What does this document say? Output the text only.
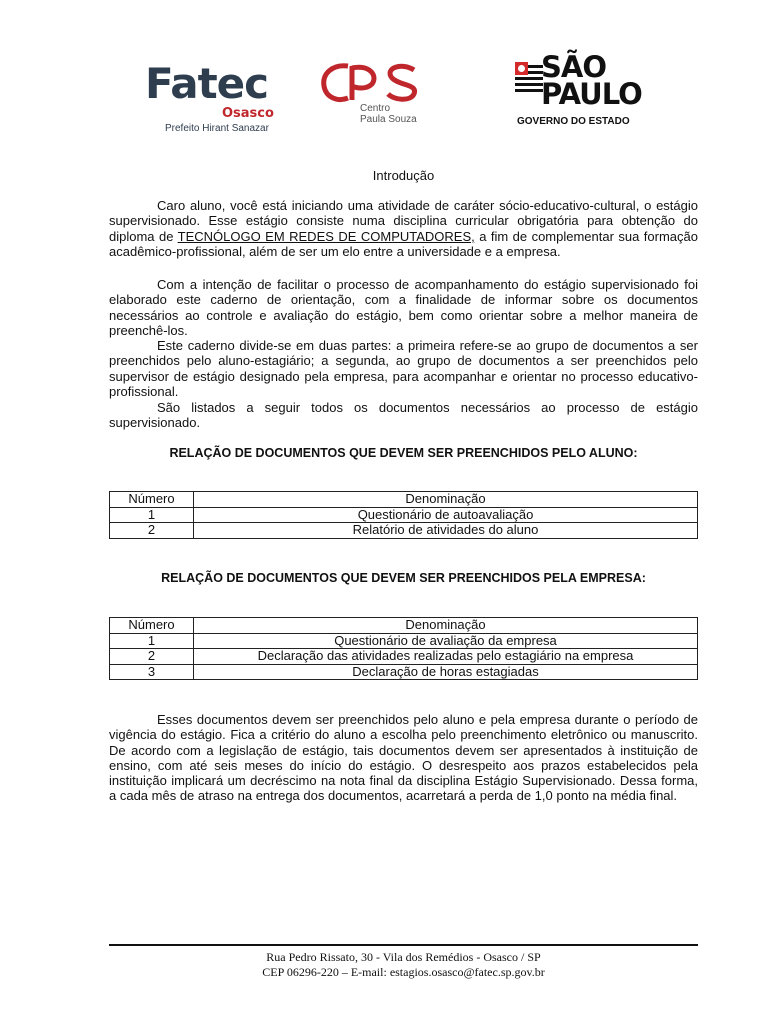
Fatec
Osasco
Prefeito Hirant Sanazar
Centro
Paula Souza
SÃO
PAULO
GOVERNO DO ESTADO
Introdução

Caro aluno, você está iniciando uma atividade de caráter sócio-educativo-cultural, o estágio supervisionado. Esse estágio consiste numa disciplina curricular obrigatória para obtenção do diploma de TECNÓLOGO EM REDES DE COMPUTADORES, a fim de complementar sua formação acadêmico-profissional, além de ser um elo entre a universidade e a empresa.

Com a intenção de facilitar o processo de acompanhamento do estágio supervisionado foi elaborado este caderno de orientação, com a finalidade de informar sobre os documentos necessários ao controle e avaliação do estágio, bem como orientar sobre a melhor maneira de preenchê-los.

Este caderno divide-se em duas partes: a primeira refere-se ao grupo de documentos a ser preenchidos pelo aluno-estagiário; a segunda, ao grupo de documentos a ser preenchidos pelo supervisor de estágio designado pela empresa, para acompanhar e orientar no processo educativo-profissional.

São listados a seguir todos os documentos necessários ao processo de estágio supervisionado.

RELAÇÃO DE DOCUMENTOS QUE DEVEM SER PREENCHIDOS PELO ALUNO:
Número	Denominação
1	Questionário de autoavaliação
2	Relatório de atividades do aluno
RELAÇÃO DE DOCUMENTOS QUE DEVEM SER PREENCHIDOS PELA EMPRESA:
Número	Denominação
1	Questionário de avaliação da empresa
2	Declaração das atividades realizadas pelo estagiário na empresa
3	Declaração de horas estagiadas

Esses documentos devem ser preenchidos pelo aluno e pela empresa durante o período de vigência do estágio. Fica a critério do aluno a escolha pelo preenchimento eletrônico ou manuscrito. De acordo com a legislação de estágio, tais documentos devem ser apresentados à instituição de ensino, com até seis meses do início do estágio. O desrespeito aos prazos estabelecidos pela instituição implicará um decréscimo na nota final da disciplina Estágio Supervisionado. Dessa forma, a cada mês de atraso na entrega dos documentos, acarretará a perda de 1,0 ponto na média final.

Rua Pedro Rissato, 30 - Vila dos Remédios - Osasco / SP
CEP 06296-220 – E-mail: estagios.osasco@fatec.sp.gov.br
